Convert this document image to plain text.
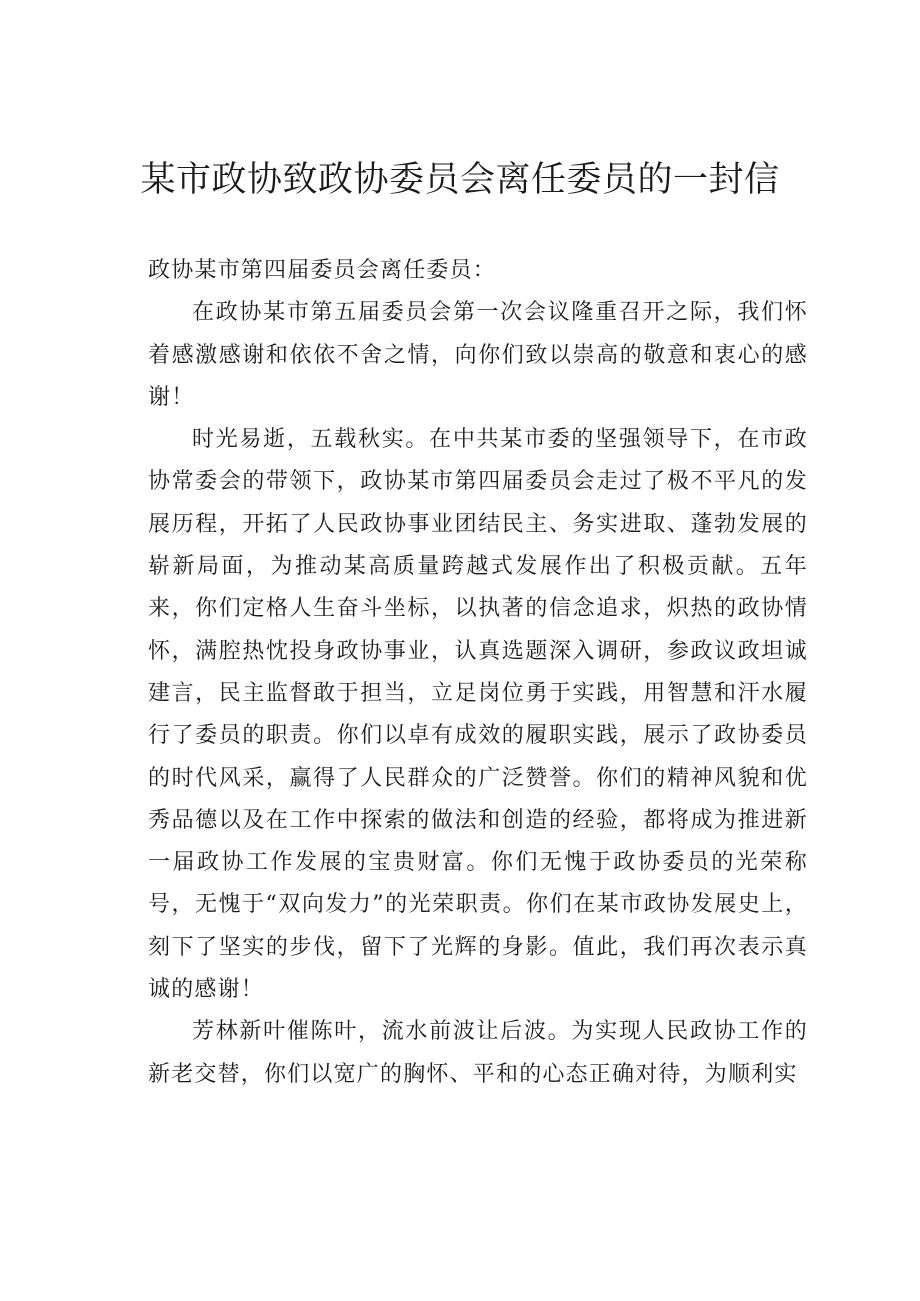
某市政协致政协委员会离任委员的一封信

政协某市第四届委员会离任委员：

在政协某市第五届委员会第一次会议隆重召开之际，我们怀着感激感谢和依依不舍之情，向你们致以崇高的敬意和衷心的感谢！

时光易逝，五载秋实。在中共某市委的坚强领导下，在市政协常委会的带领下，政协某市第四届委员会走过了极不平凡的发展历程，开拓了人民政协事业团结民主、务实进取、蓬勃发展的崭新局面，为推动某高质量跨越式发展作出了积极贡献。五年来，你们定格人生奋斗坐标，以执著的信念追求，炽热的政协情怀，满腔热忱投身政协事业，认真选题深入调研，参政议政坦诚建言，民主监督敢于担当，立足岗位勇于实践，用智慧和汗水履行了委员的职责。你们以卓有成效的履职实践，展示了政协委员的时代风采，赢得了人民群众的广泛赞誉。你们的精神风貌和优秀品德以及在工作中探索的做法和创造的经验，都将成为推进新一届政协工作发展的宝贵财富。你们无愧于政协委员的光荣称号，无愧于“双向发力”的光荣职责。你们在某市政协发展史上，刻下了坚实的步伐，留下了光辉的身影。值此，我们再次表示真诚的感谢！

芳林新叶催陈叶，流水前波让后波。为实现人民政协工作的新老交替，你们以宽广的胸怀、平和的心态正确对待，为顺利实
